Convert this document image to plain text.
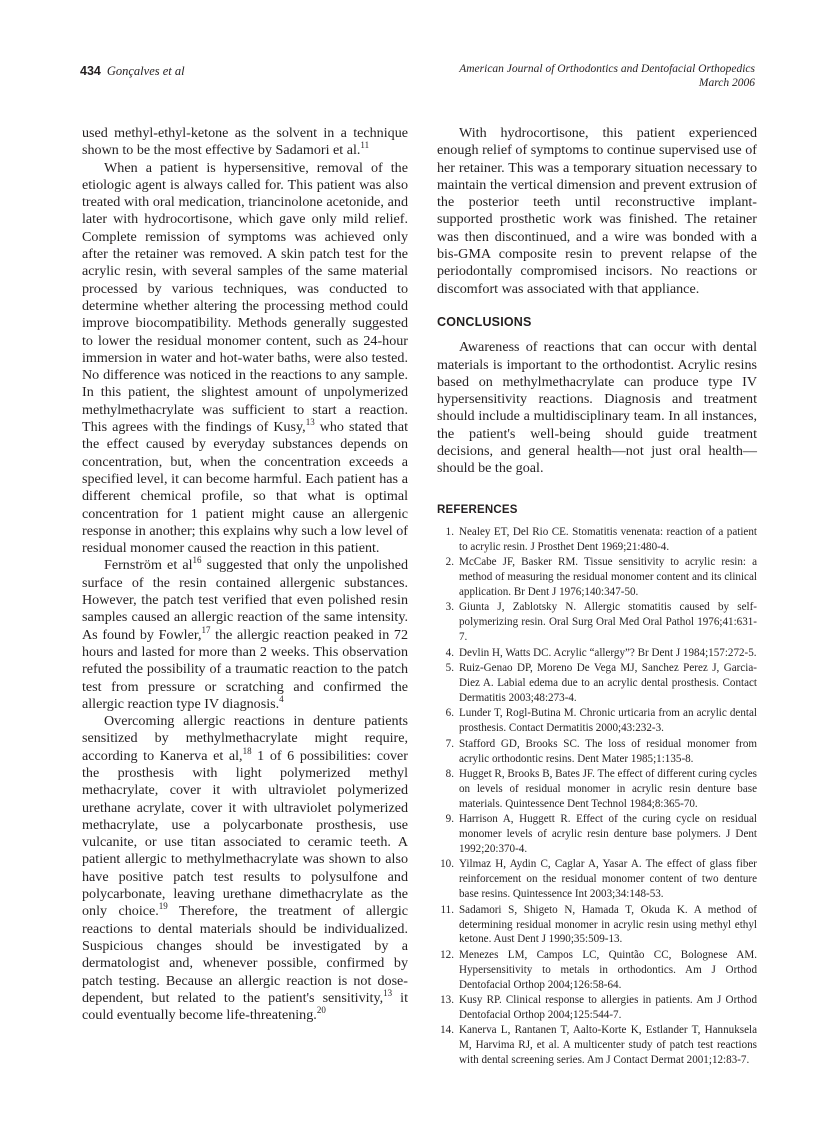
434 Gonçalves et al	American Journal of Orthodontics and Dentofacial Orthopedics
March 2006

used methyl-ethyl-ketone as the solvent in a technique shown to be the most effective by Sadamori et al.$^{11}$

When a patient is hypersensitive, removal of the etiologic agent is always called for. This patient was also treated with oral medication, triancinolone acetonide, and later with hydrocortisone, which gave only mild relief. Complete remission of symptoms was achieved only after the retainer was removed. A skin patch test for the acrylic resin, with several samples of the same material processed by various techniques, was conducted to determine whether altering the processing method could improve biocompatibility. Methods generally suggested to lower the residual monomer content, such as 24-hour immersion in water and hot-water baths, were also tested. No difference was noticed in the reactions to any sample. In this patient, the slightest amount of unpolymerized methylmethacrylate was sufficient to start a reaction. This agrees with the findings of Kusy,$^{13}$ who stated that the effect caused by everyday substances depends on concentration, but, when the concentration exceeds a specified level, it can become harmful. Each patient has a different chemical profile, so that what is optimal concentration for 1 patient might cause an allergenic response in another; this explains why such a low level of residual monomer caused the reaction in this patient.

Fernström et $al^{16}$ suggested that only the unpolished surface of the resin contained allergenic substances. However, the patch test verified that even polished resin samples caused an allergic reaction of the same intensity. As found by Fowler,$^{17}$ the allergic reaction peaked in 72 hours and lasted for more than 2 weeks. This observation refuted the possibility of a traumatic reaction to the patch test from pressure or scratching and confirmed the allergic reaction type IV diagnosis.$^4$

Overcoming allergic reactions in denture patients sensitized by methylmethacrylate might require, according to Kanerva et al,$^{18}$ 1 of 6 possibilities: cover the prosthesis with light polymerized methyl methacrylate, cover it with ultraviolet polymerized urethane acrylate, cover it with ultraviolet polymerized methacrylate, use a polycarbonate prosthesis, use vulcanite, or use titan associated to ceramic teeth. A patient allergic to methylmethacrylate was shown to also have positive patch test results to polysulfone and polycarbonate, leaving urethane dimethacrylate as the only choice.$^{19}$ Therefore, the treatment of allergic reactions to dental materials should be individualized. Suspicious changes should be investigated by a dermatologist and, whenever possible, confirmed by patch testing. Because an allergic reaction is not dose-dependent, but related to the patient's sensitivity,$^{13}$ it could eventually become life-threatening.$^{20}$

With hydrocortisone, this patient experienced enough relief of symptoms to continue supervised use of her retainer. This was a temporary situation necessary to maintain the vertical dimension and prevent extrusion of the posterior teeth until reconstructive implant-supported prosthetic work was finished. The retainer was then discontinued, and a wire was bonded with a bis-GMA composite resin to prevent relapse of the periodontally compromised incisors. No reactions or discomfort was associated with that appliance.

CONCLUSIONS

Awareness of reactions that can occur with dental materials is important to the orthodontist. Acrylic resins based on methylmethacrylate can produce type IV hypersensitivity reactions. Diagnosis and treatment should include a multidisciplinary team. In all instances, the patient's well-being should guide treatment decisions, and general health—not just oral health—should be the goal.

REFERENCES
1. Nealey ET, Del Rio CE. Stomatitis venenata: reaction of a patient to acrylic resin. J Prosthet Dent 1969;21:480-4.
2. McCabe JF, Basker RM. Tissue sensitivity to acrylic resin: a method of measuring the residual monomer content and its clinical application. Br Dent J 1976;140:347-50.
3. Giunta J, Zablotsky N. Allergic stomatitis caused by self-polymerizing resin. Oral Surg Oral Med Oral Pathol 1976;41:631-7.
4. Devlin H, Watts DC. Acrylic “allergy”? Br Dent J 1984;157:272-5.
5. Ruiz-Genao DP, Moreno De Vega MJ, Sanchez Perez J, Garcia-Diez A. Labial edema due to an acrylic dental prosthesis. Contact Dermatitis 2003;48:273-4.
6. Lunder T, Rogl-Butina M. Chronic urticaria from an acrylic dental prosthesis. Contact Dermatitis 2000;43:232-3.
7. Stafford GD, Brooks SC. The loss of residual monomer from acrylic orthodontic resins. Dent Mater 1985;1:135-8.
8. Hugget R, Brooks B, Bates JF. The effect of different curing cycles on levels of residual monomer in acrylic resin denture base materials. Quintessence Dent Technol 1984;8:365-70.
9. Harrison A, Huggett R. Effect of the curing cycle on residual monomer levels of acrylic resin denture base polymers. J Dent 1992;20:370-4.
10. Yilmaz H, Aydin C, Caglar A, Yasar A. The effect of glass fiber reinforcement on the residual monomer content of two denture base resins. Quintessence Int 2003;34:148-53.
11. Sadamori S, Shigeto N, Hamada T, Okuda K. A method of determining residual monomer in acrylic resin using methyl ethyl ketone. Aust Dent J 1990;35:509-13.
12. Menezes LM, Campos LC, Quintão CC, Bolognese AM. Hypersensitivity to metals in orthodontics. Am J Orthod Dentofacial Orthop 2004;126:58-64.
13. Kusy RP. Clinical response to allergies in patients. Am J Orthod Dentofacial Orthop 2004;125:544-7.
14. Kanerva L, Rantanen T, Aalto-Korte K, Estlander T, Hannuksela M, Harvima RJ, et al. A multicenter study of patch test reactions with dental screening series. Am J Contact Dermat 2001;12:83-7.
